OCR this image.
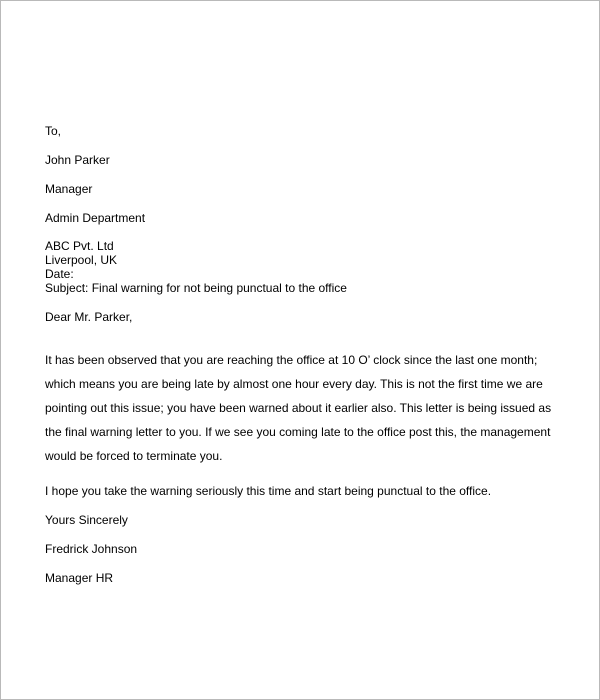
To,
John Parker
Manager
Admin Department
ABC Pvt. Ltd
Liverpool, UK
Date:
Subject: Final warning for not being punctual to the office
Dear Mr. Parker,
It has been observed that you are reaching the office at 10 O’ clock since the last one month;
which means you are being late by almost one hour every day. This is not the first time we are
pointing out this issue; you have been warned about it earlier also. This letter is being issued as
the final warning letter to you. If we see you coming late to the office post this, the management
would be forced to terminate you.
I hope you take the warning seriously this time and start being punctual to the office.
Yours Sincerely
Fredrick Johnson
Manager HR
